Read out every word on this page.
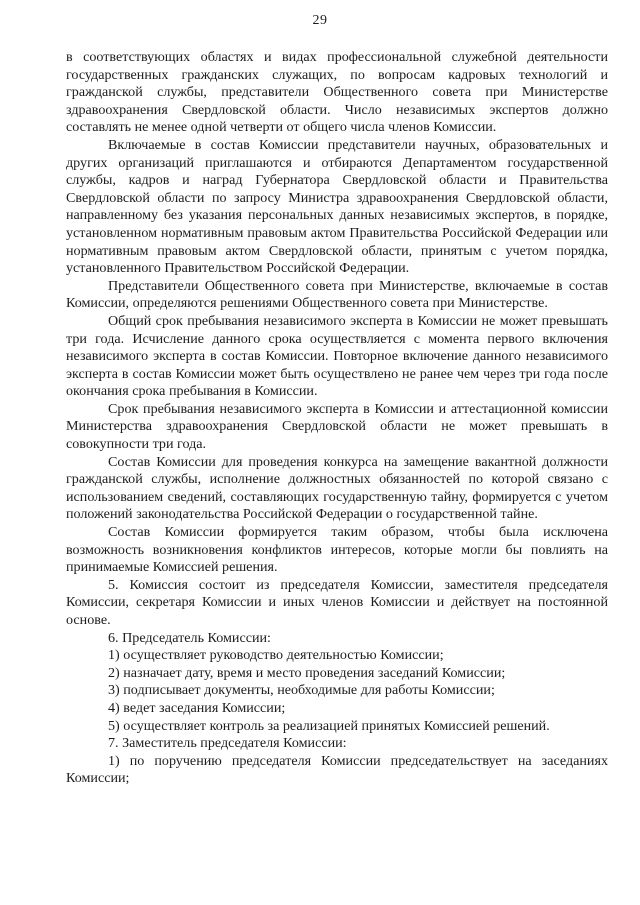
29

в соответствующих областях и видах профессиональной служебной деятельности государственных гражданских служащих, по вопросам кадровых технологий и гражданской службы, представители Общественного совета при Министерстве здравоохранения Свердловской области. Число независимых экспертов должно составлять не менее одной четверти от общего числа членов Комиссии.

Включаемые в состав Комиссии представители научных, образовательных и других организаций приглашаются и отбираются Департаментом государственной службы, кадров и наград Губернатора Свердловской области и Правительства Свердловской области по запросу Министра здравоохранения Свердловской области, направленному без указания персональных данных независимых экспертов, в порядке, установленном нормативным правовым актом Правительства Российской Федерации или нормативным правовым актом Свердловской области, принятым с учетом порядка, установленного Правительством Российской Федерации.

Представители Общественного совета при Министерстве, включаемые в состав Комиссии, определяются решениями Общественного совета при Министерстве.

Общий срок пребывания независимого эксперта в Комиссии не может превышать три года. Исчисление данного срока осуществляется с момента первого включения независимого эксперта в состав Комиссии. Повторное включение данного независимого эксперта в состав Комиссии может быть осуществлено не ранее чем через три года после окончания срока пребывания в Комиссии.

Срок пребывания независимого эксперта в Комиссии и аттестационной комиссии Министерства здравоохранения Свердловской области не может превышать в совокупности три года.

Состав Комиссии для проведения конкурса на замещение вакантной должности гражданской службы, исполнение должностных обязанностей по которой связано с использованием сведений, составляющих государственную тайну, формируется с учетом положений законодательства Российской Федерации о государственной тайне.

Состав Комиссии формируется таким образом, чтобы была исключена возможность возникновения конфликтов интересов, которые могли бы повлиять на принимаемые Комиссией решения.

5. Комиссия состоит из председателя Комиссии, заместителя председателя Комиссии, секретаря Комиссии и иных членов Комиссии и действует на постоянной основе.

6. Председатель Комиссии:

1) осуществляет руководство деятельностью Комиссии;

2) назначает дату, время и место проведения заседаний Комиссии;

3) подписывает документы, необходимые для работы Комиссии;

4) ведет заседания Комиссии;

5) осуществляет контроль за реализацией принятых Комиссией решений.

7. Заместитель председателя Комиссии:

1) по поручению председателя Комиссии председательствует на заседаниях Комиссии;
